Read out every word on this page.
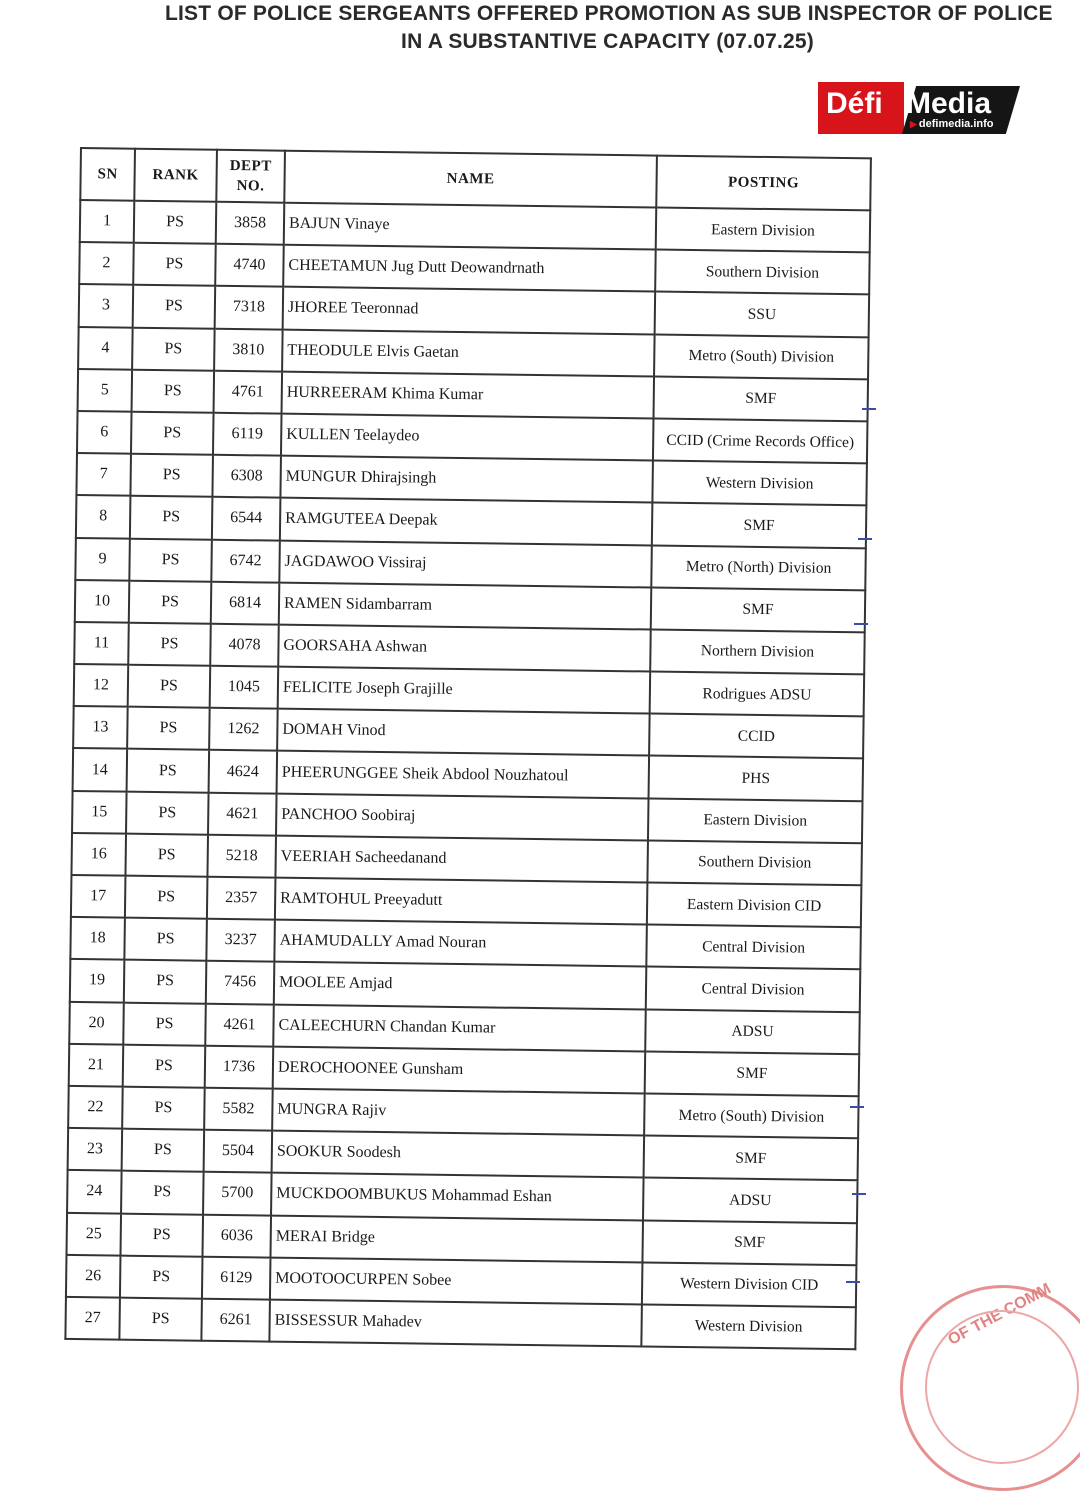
LIST OF POLICE SERGEANTS OFFERED PROMOTION AS SUB INSPECTOR OF POLICE
IN A SUBSTANTIVE CAPACITY (07.07.25)
Défi Media
▶ defimedia.info
SN	RANK	DEPT NO.	NAME	POSTING
1	PS	3858	BAJUN Vinaye	Eastern Division
2	PS	4740	CHEETAMUN Jug Dutt Deowandrnath	Southern Division
3	PS	7318	JHOREE Teeronnad	SSU
4	PS	3810	THEODULE Elvis Gaetan	Metro (South) Division
5	PS	4761	HURREERAM Khima Kumar	SMF
6	PS	6119	KULLEN Teelaydeo	CCID (Crime Records Office)
7	PS	6308	MUNGUR Dhirajsingh	Western Division
8	PS	6544	RAMGUTEEA Deepak	SMF
9	PS	6742	JAGDAWOO Vissiraj	Metro (North) Division
10	PS	6814	RAMEN Sidambarram	SMF
11	PS	4078	GOORSAHA Ashwan	Northern Division
12	PS	1045	FELICITE Joseph Grajille	Rodrigues ADSU
13	PS	1262	DOMAH Vinod	CCID
14	PS	4624	PHEERUNGGEE Sheik Abdool Nouzhatoul	PHS
15	PS	4621	PANCHOO Soobiraj	Eastern Division
16	PS	5218	VEERIAH Sacheedanand	Southern Division
17	PS	2357	RAMTOHUL Preeyadutt	Eastern Division CID
18	PS	3237	AHAMUDALLY Amad Nouran	Central Division
19	PS	7456	MOOLEE Amjad	Central Division
20	PS	4261	CALEECHURN Chandan Kumar	ADSU
21	PS	1736	DEROCHOONEE Gunsham	SMF
22	PS	5582	MUNGRA Rajiv	Metro (South) Division
23	PS	5504	SOOKUR Soodesh	SMF
24	PS	5700	MUCKDOOMBUKUS Mohammad Eshan	ADSU
25	PS	6036	MERAI Bridge	SMF
26	PS	6129	MOOTOOCURPEN Sobee	Western Division CID
27	PS	6261	BISSESSUR Mahadev	Western Division	OF THE COMM
